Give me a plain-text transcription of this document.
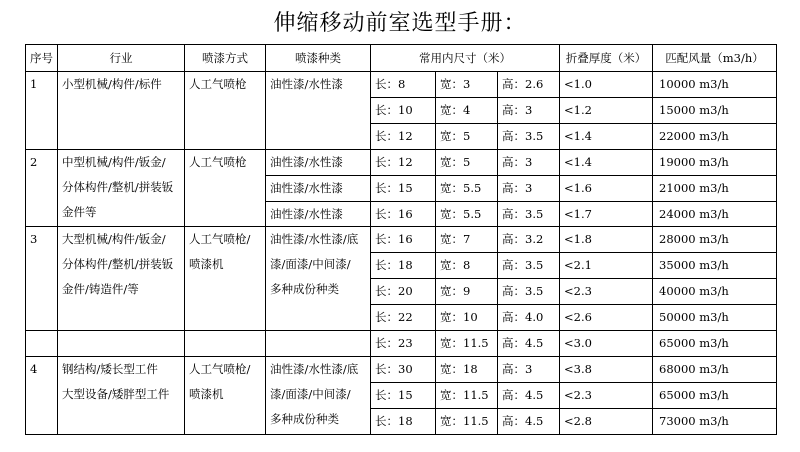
伸缩移动前室选型手册：
序号	行业	喷漆方式	喷漆种类	常用内尺寸（米）			折叠厚度（米）	匹配风量（m3/h）
1	小型机械/构件/标件	人工气喷枪	油性漆/水性漆	长：8	宽：3	高：2.6	<1.0	10000 m3/h
				长：10	宽：4	高：3	<1.2	15000 m3/h
				长：12	宽：5	高：3.5	<1.4	22000 m3/h
2	中型机械/构件/钣金/
分体构件/整机/拼装钣
金件等	人工气喷枪	油性漆/水性漆	长：12	宽：5	高：3	<1.4	19000 m3/h
			油性漆/水性漆	长：15	宽：5.5	高：3	<1.6	21000 m3/h
			油性漆/水性漆	长：16	宽：5.5	高：3.5	<1.7	24000 m3/h
3	大型机械/构件/钣金/
分体构件/整机/拼装钣
金件/铸造件/等	人工气喷枪/
喷漆机	油性漆/水性漆/底
漆/面漆/中间漆/
多种成份种类	长：16	宽：7	高：3.2	<1.8	28000 m3/h
				长：18	宽：8	高：3.5	<2.1	35000 m3/h
				长：20	宽：9	高：3.5	<2.3	40000 m3/h
				长：22	宽：10	高：4.0	<2.6	50000 m3/h
				长：23	宽：11.5	高：4.5	<3.0	65000 m3/h
4	钢结构/矮长型工件
大型设备/矮胖型工件	人工气喷枪/
喷漆机	油性漆/水性漆/底
漆/面漆/中间漆/
多种成份种类	长：30	宽：18	高：3	<3.8	68000 m3/h
				长：15	宽：11.5	高：4.5	<2.3	65000 m3/h
				长：18	宽：11.5	高：4.5	<2.8	73000 m3/h
